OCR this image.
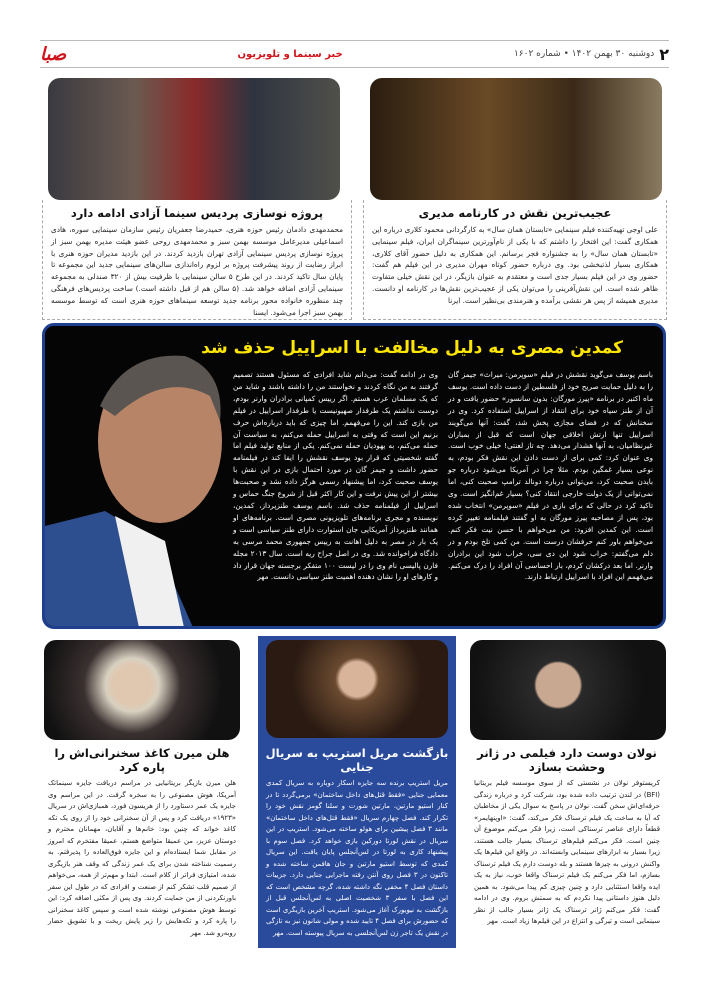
۲
دوشنبه ۳۰ بهمن ۱۴۰۲ • شماره ۱۶۰۲
خبر سینما و تلویزیون
صبا
عجیب‌ترین نقش در کارنامه مدیری

علی اوجی تهیه‌کننده فیلم سینمایی «تابستان همان سال» به کارگردانی محمود کلاری درباره این همکاری گفت: این افتخار را داشتم که با یکی از نام‌آورترین سینماگران ایران، فیلم سینمایی «تابستان همان سال» را به جشنواره فجر برسانم. این همکاری به دلیل حضور آقای کلاری، همکاری بسیار لذتبخشی بود. وی درباره حضور کوتاه مهران مدیری در این فیلم هم گفت: حضور وی در این فیلم بسیار جدی است و معتقدم به عنوان بازیگر، در این نقش خیلی متفاوت ظاهر شده است. این نقش‌آفرینی را می‌توان یکی از عجیب‌ترین نقش‌ها در کارنامه او دانست. مدیری همیشه از پس هر نقشی برآمده و هنرمندی بی‌نظیر است. ایرنا

پروژه نوسازی پردیس سینما آزادی ادامه دارد

محمدمهدی دادمان رئیس حوزه هنری، حمیدرضا جعفریان رئیس سازمان سینمایی سوره، هادی اسماعیلی مدیرعامل موسسه بهمن سبز و محمدمهدی روحی عضو هیئت مدیره بهمن سبز از پروژه نوسازی پردیس سینمایی آزادی تهران بازدید کردند. در این بازدید مدیران حوزه هنری با ابراز رضایت از روند پیشرفت پروژه بر لزوم راه‌اندازی سالن‌های سینمایی جدید این مجموعه تا پایان سال تاکید کردند. در این طرح ۵ سالن سینمایی با ظرفیت بیش از ۳۲۰ صندلی به مجموعه سینمایی آزادی اضافه خواهد شد. (۵ سالن هم از قبل داشته است.) ساخت پردیس‌های فرهنگی چند منظوره خانواده محور برنامه جدید توسعه سینماهای حوزه هنری است که توسط موسسه بهمن سبز اجرا می‌شود. ایسنا

کمدین مصری به دلیل مخالفت با اسراییل حذف شد
باسم یوسف می‌گوید نقشش در فیلم «سوپرمن: میراث» جیمز گان را به دلیل حمایت صریح خود از فلسطین از دست داده است. یوسف ماه اکتبر در برنامه «پیرز مورگان: بدون سانسور» حضور یافت و در آن از طنز سیاه خود برای انتقاد از اسراییل استفاده کرد. وی در سخنانش که در فضای مجازی پخش شد، گفت: آنها می‌گویند اسراییل تنها ارتش اخلاقی جهان است که قبل از بمباران غیرنظامیان، به آنها هشدار می‌دهد. چه تاز لعنتی! خیلی خوب است. وی عنوان کرد: کمی برای از دست دادن این نقش فکر بودم، به نوعی بسیار غمگین بودم. مثلا چرا در آمریکا می‌شود درباره جو بایدن صحبت کرد، می‌توانی درباره دونالد ترامپ صحبت کنی، اما نمی‌توانی از یک دولت خارجی انتقاد کنی؟ بسیار غم‌انگیز است. وی تاکید کرد در حالی که برای بازی در فیلم «سوپرمن» انتخاب شده بود، پس از مصاحبه پیرز مورگان به او گفتند فیلمنامه تغییر کرده است. این کمدین افزود: من می‌خواهم با حسن نیت فکر کنم. می‌خواهم باور کنم حرفشان درست است. من کمی تلخ بودم و در دلم می‌گفتم: خراب شود این دی سی، خراب شود این برادران وارنر. اما بعد درکشان کردم، بار احساسی آن افراد را درک می‌کنم. می‌فهمم این افراد با اسراییل ارتباط دارند.
وی در ادامه گفت: می‌دانم شاید افرادی که مسئول هستند تصمیم گرفتند به من نگاه کردند و نخواستند من را داشته باشند و شاید من که یک مسلمان عرب هستم. اگر رییس کمپانی برادران وارنر بودم، دوست نداشتم یک طرفدار صهیونیست یا طرفدار اسراییل در فیلم من بازی کند. این را می‌فهمم. اما چیزی که باید درباره‌اش حرف بزنیم این است که وقتی به اسراییل حمله می‌کنم، به سیاست آن حمله می‌کنم، به یهودیان حمله نمی‌کنم. یکی از منابع تولید فیلم اما گفته شخصیتی که قرار بود یوسف نقشش را ایفا کند در فیلمنامه حضور داشت و جیمز گان در مورد احتمال بازی در این نقش با یوسف صحبت کرد، اما پیشنهاد رسمی هرگز داده نشد و صحبت‌ها بیشتر از این پیش نرفت و این کار اکثر قبل از شروع جنگ حماس و اسراییل از فیلمنامه حذف شد. باسم یوسف طنزپرداز، کمدین، نویسنده و مجری برنامه‌های تلویزیونی مصری است. برنامه‌های او همانند طنزپرداز آمریکایی جان استوارت دارای طنز سیاسی است و یک بار در مصر به دلیل اهانت به رییس جمهوری محمد مرسی به دادگاه فراخوانده شد. وی در اصل جراح ریه است. سال ۲۰۱۳ مجله فارن پالیسی نام وی را در لیست ۱۰۰ متفکر برجسته جهان قرار داد و کارهای او را نشان دهنده اهمیت طنز سیاسی دانست. مهر
نولان دوست دارد فیلمی در ژانر وحشت بسازد

کریستوفر نولان در نشستی که از سوی موسسه فیلم بریتانیا (BFI) در لندن ترتیب داده شده بود، شرکت کرد و درباره زندگی حرفه‌ای‌اش سخن گفت. نولان در پاسخ به سوال یکی از مخاطبان که آیا به ساخت یک فیلم ترسناک فکر می‌کند، گفت: «اوپنهایمر» قطعاً دارای عناصر ترسناکی است، زیرا فکر می‌کنم موضوع آن چنین است. فکر می‌کنم فیلم‌های ترسناک بسیار جالب هستند، زیرا بسیار به ابزارهای سینمایی وابسته‌اند. در واقع این فیلم‌ها یک واکنش درونی به چیزها هستند و بله دوست دارم یک فیلم ترسناک بسازم، اما فکر می‌کنم یک فیلم ترسناک واقعا خوب، نیاز به یک ایده واقعا استثنایی دارد و چنین چیزی کم پیدا می‌شود. به همین دلیل هنوز داستانی پیدا نکردم که به سمتش بروم. وی در ادامه گفت: فکر می‌کنم ژانر ترسناک یک ژانر بسیار جالب از نظر سینمایی است و تیرگی و انتزاع در این فیلم‌ها زیاد است. مهر

بازگشت مریل استریپ به سریال جنایی

مریل استریپ برنده سه جایزه اسکار دوباره به سریال کمدی معمایی جنایی «فقط قتل‌های داخل ساختمان» برمی‌گردد تا در کنار استیو مارتین، مارتین شورت و سلنا گومز نقش خود را تکرار کند. فصل چهارم سریال «فقط قتل‌های داخل ساختمان» مانند ۳ فصل پیشین برای هولو ساخته می‌شود. استریپ در این سریال در نقش لورتا دورکین بازی خواهد کرد. فصل سوم با پیشنهاد کاری به لورتا در لس‌آنجلس پایان یافت. این سریال کمدی که توسط استیو مارتین و جان هافمن ساخته شده و تاکنون در ۳ فصل روی آنتن رفته ماجرایی جنایی دارد. جزییات داستان فصل ۴ مخفی نگه داشته شده، گرچه مشخص است که این فصل با سفر ۳ شخصیت اصلی به لس‌آنجلس قبل از بازگشت به نیویورک آغاز می‌شود. استریپ آخرین بازیگری است که حضورش برای فصل ۴ تایید شده و مولی شانون نیز به تازگی در نقش یک تاجر زن لس‌آنجلسی به سریال پیوسته است. مهر

هلن میرن کاغذ سخنرانی‌اش را پاره کرد

هلن میرن بازیگر بریتانیایی در مراسم دریافت جایزه سینماتک آمریکا، هوش مصنوعی را به سخره گرفت. در این مراسم وی جایزه یک عمر دستاورد را از هریسون فورد، همبازی‌اش در سریال «۱۹۲۳» دریافت کرد و پس از آن سخنرانی خود را از روی یک تکه کاغذ خواند که چنین بود: خانم‌ها و آقایان، مهمانان محترم و دوستان عزیز، من عمیقا متواضع هستم، عمیقا مفتخرم که امروز در مقابل شما ایستاده‌ام و این جایزه فوق‌العاده را پذیرفتم. به رسمیت شناخته شدن برای یک عمر زندگی که وقف هنر بازیگری شده، امتیازی فراتر از کلام است. ابتدا و مهم‌تر از همه، می‌خواهم از صمیم قلب تشکر کنم از صنعت و افرادی که در طول این سفر باورنکردنی از من حمایت کردند. وی پس از مکثی اضافه کرد: این توسط هوش مصنوعی نوشته شده است و سپس کاغذ سخنرانی را پاره کرد و تکه‌هایش را زیر پایش ریخت و با تشویق حضار روبه‌رو شد. مهر
